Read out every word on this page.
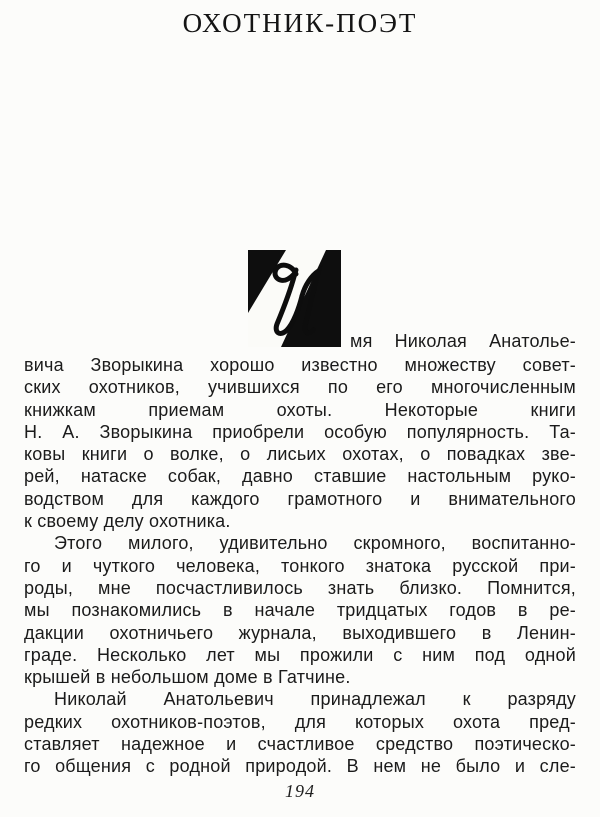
ОХОТНИК-ПОЭТ
мя Николая Анатолье-
вича Зворыкина хорошо известно множеству совет-
ских охотников, учившихся по его многочисленным
книжкам приемам охоты. Некоторые книги
Н. А. Зворыкина приобрели особую популярность. Та-
ковы книги о волке, о лисьих охотах, о повадках зве-
рей, натаске собак, давно ставшие настольным руко-
водством для каждого грамотного и внимательного
к своему делу охотника.
Этого милого, удивительно скромного, воспитанно-
го и чуткого человека, тонкого знатока русской при-
роды, мне посчастливилось знать близко. Помнится,
мы познакомились в начале тридцатых годов в ре-
дакции охотничьего журнала, выходившего в Ленин-
граде. Несколько лет мы прожили с ним под одной
крышей в небольшом доме в Гатчине.
Николай Анатольевич принадлежал к разряду
редких охотников-поэтов, для которых охота пред-
ставляет надежное и счастливое средство поэтическо-
го общения с родной природой. В нем не было и сле-
194
